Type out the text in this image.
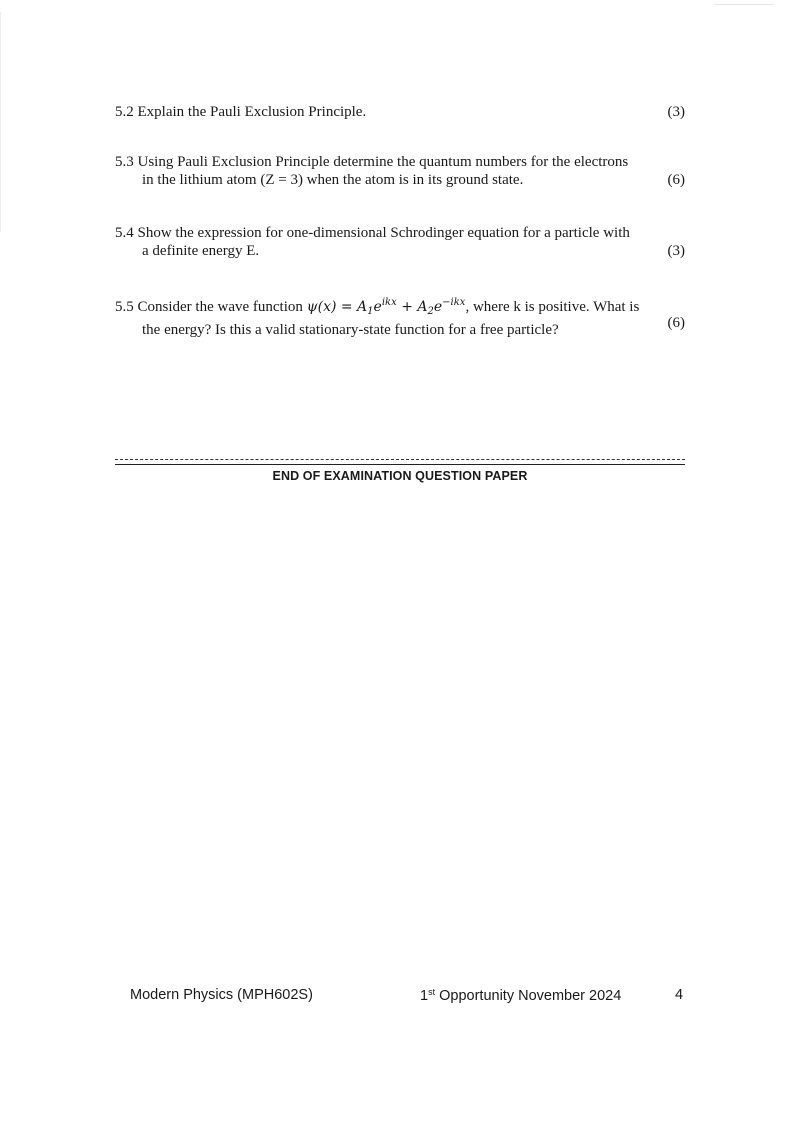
5.2 Explain the Pauli Exclusion Principle.	(3)
5.3 Using Pauli Exclusion Principle determine the quantum numbers for the electrons
in the lithium atom (Z = 3) when the atom is in its ground state.	(6)
5.4 Show the expression for one-dimensional Schrodinger equation for a particle with
a definite energy E.	(3)
5.5 Consider the wave function $\psi(x) = A_1e^{ikx} + A_2e^{-ikx}$, where k is positive. What is
the energy? Is this a valid stationary-state function for a free particle?	(6)
END OF EXAMINATION QUESTION PAPER
Modern Physics (MPH602S)	1st Opportunity November 2024	4
